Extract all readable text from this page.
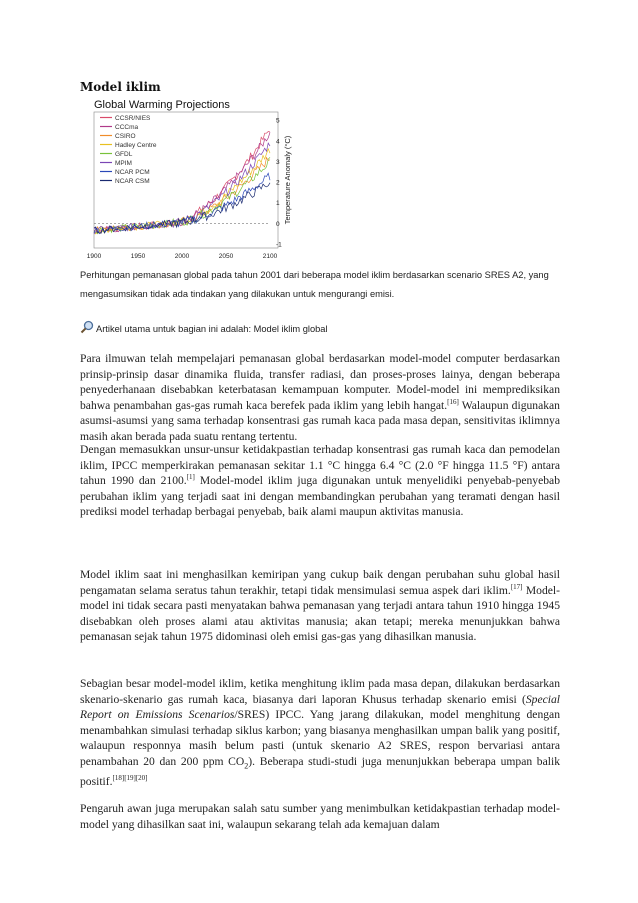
Model iklim
Global Warming Projections
CCSR/NIES
CCCma
CSIRO
Hadley Centre
GFDL
MPIM
NCAR PCM
NCAR CSM
1900	1950	2000	2050	2100
5
4
3
2
1
0
-1
Temperature Anomaly (°C)
Perhitungan pemanasan global pada tahun 2001 dari beberapa model iklim berdasarkan scenario SRES A2, yang mengasumsikan tidak ada tindakan yang dilakukan untuk mengurangi emisi.
Artikel utama untuk bagian ini adalah: Model iklim global

Para ilmuwan telah mempelajari pemanasan global berdasarkan model-model computer berdasarkan prinsip-prinsip dasar dinamika fluida, transfer radiasi, dan proses-proses lainya, dengan beberapa penyederhanaan disebabkan keterbatasan kemampuan komputer. Model-model ini memprediksikan bahwa penambahan gas-gas rumah kaca berefek pada iklim yang lebih hangat.[16] Walaupun digunakan asumsi-asumsi yang sama terhadap konsentrasi gas rumah kaca pada masa depan, sensitivitas iklimnya masih akan berada pada suatu rentang tertentu.

Dengan memasukkan unsur-unsur ketidakpastian terhadap konsentrasi gas rumah kaca dan pemodelan iklim, IPCC memperkirakan pemanasan sekitar 1.1 °C hingga 6.4 °C (2.0 °F hingga 11.5 °F) antara tahun 1990 dan 2100.[1] Model-model iklim juga digunakan untuk menyelidiki penyebab-penyebab perubahan iklim yang terjadi saat ini dengan membandingkan perubahan yang teramati dengan hasil prediksi model terhadap berbagai penyebab, baik alami maupun aktivitas manusia.

Model iklim saat ini menghasilkan kemiripan yang cukup baik dengan perubahan suhu global hasil pengamatan selama seratus tahun terakhir, tetapi tidak mensimulasi semua aspek dari iklim.[17] Model-model ini tidak secara pasti menyatakan bahwa pemanasan yang terjadi antara tahun 1910 hingga 1945 disebabkan oleh proses alami atau aktivitas manusia; akan tetapi; mereka menunjukkan bahwa pemanasan sejak tahun 1975 didominasi oleh emisi gas-gas yang dihasilkan manusia.

Sebagian besar model-model iklim, ketika menghitung iklim pada masa depan, dilakukan berdasarkan skenario-skenario gas rumah kaca, biasanya dari laporan Khusus terhadap skenario emisi (Special Report on Emissions Scenarios/SRES) IPCC. Yang jarang dilakukan, model menghitung dengan menambahkan simulasi terhadap siklus karbon; yang biasanya menghasilkan umpan balik yang positif, walaupun responnya masih belum pasti (untuk skenario A2 SRES, respon bervariasi antara penambahan 20 dan 200 ppm $CO_2$). Beberapa studi-studi juga menunjukkan beberapa umpan balik positif.[18][19][20]

Pengaruh awan juga merupakan salah satu sumber yang menimbulkan ketidakpastian terhadap model-model yang dihasilkan saat ini, walaupun sekarang telah ada kemajuan dalam
